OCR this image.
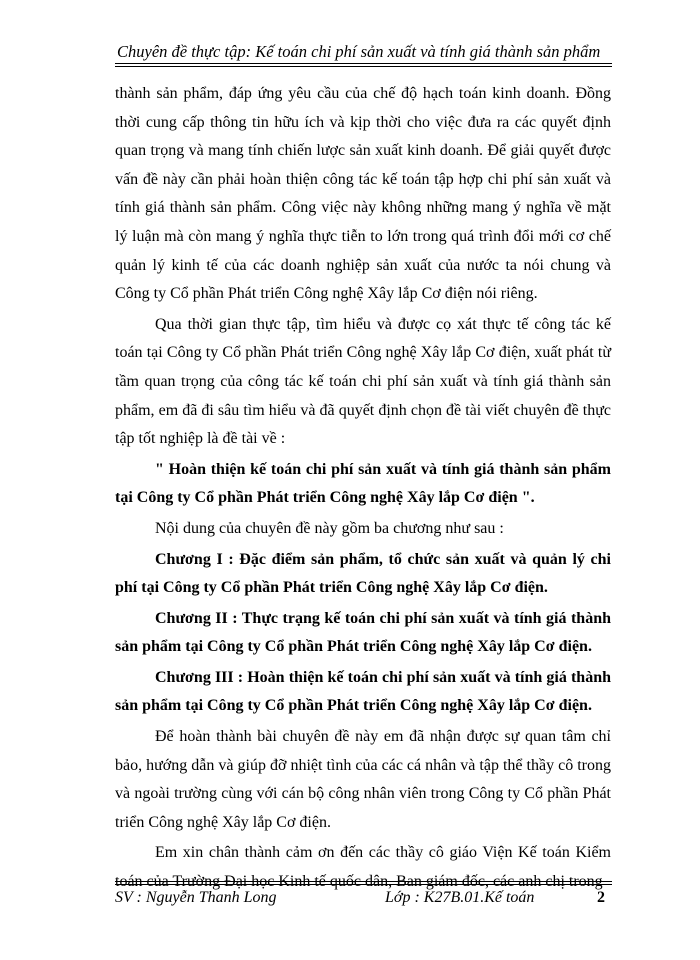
Chuyên đề thực tập: Kế toán chi phí sản xuất và tính giá thành sản phẩm

thành sản phẩm, đáp ứng yêu cầu của chế độ hạch toán kinh doanh. Đồng thời cung cấp thông tin hữu ích và kịp thời cho việc đưa ra các quyết định quan trọng và mang tính chiến lược sản xuất kinh doanh. Để giải quyết được vấn đề này cần phải hoàn thiện công tác kế toán tập hợp chi phí sản xuất và tính giá thành sản phẩm. Công việc này không những mang ý nghĩa về mặt lý luận mà còn mang ý nghĩa thực tiễn to lớn trong quá trình đổi mới cơ chế quản lý kinh tế của các doanh nghiệp sản xuất của nước ta nói chung và Công ty Cổ phần Phát triển Công nghệ Xây lắp Cơ điện nói riêng.

Qua thời gian thực tập, tìm hiểu và được cọ xát thực tế công tác kế toán tại Công ty Cổ phần Phát triển Công nghệ Xây lắp Cơ điện, xuất phát từ tầm quan trọng của công tác kế toán chi phí sản xuất và tính giá thành sản phẩm, em đã đi sâu tìm hiểu và đã quyết định chọn đề tài viết chuyên đề thực tập tốt nghiệp là đề tài về :

" Hoàn thiện kế toán chi phí sản xuất và tính giá thành sản phẩm tại Công ty Cổ phần Phát triển Công nghệ Xây lắp Cơ điện ".

Nội dung của chuyên đề này gồm ba chương như sau :

Chương I : Đặc điểm sản phẩm, tổ chức sản xuất và quản lý chi phí tại Công ty Cổ phần Phát triển Công nghệ Xây lắp Cơ điện.

Chương II : Thực trạng kế toán chi phí sản xuất và tính giá thành sản phẩm tại Công ty Cổ phần Phát triển Công nghệ Xây lắp Cơ điện.

Chương III : Hoàn thiện kế toán chi phí sản xuất và tính giá thành sản phẩm tại Công ty Cổ phần Phát triển Công nghệ Xây lắp Cơ điện.

Để hoàn thành bài chuyên đề này em đã nhận được sự quan tâm chỉ bảo, hướng dẫn và giúp đỡ nhiệt tình của các cá nhân và tập thể thầy cô trong và ngoài trường cùng với cán bộ công nhân viên trong Công ty Cổ phần Phát triển Công nghệ Xây lắp Cơ điện.

Em xin chân thành cảm ơn đến các thầy cô giáo Viện Kế toán Kiểm toán của Trường Đại học Kinh tế quốc dân, Ban giám đốc, các anh chị trong

SV : Nguyễn Thanh Long	Lớp : K27B.01.Kế toán	2
